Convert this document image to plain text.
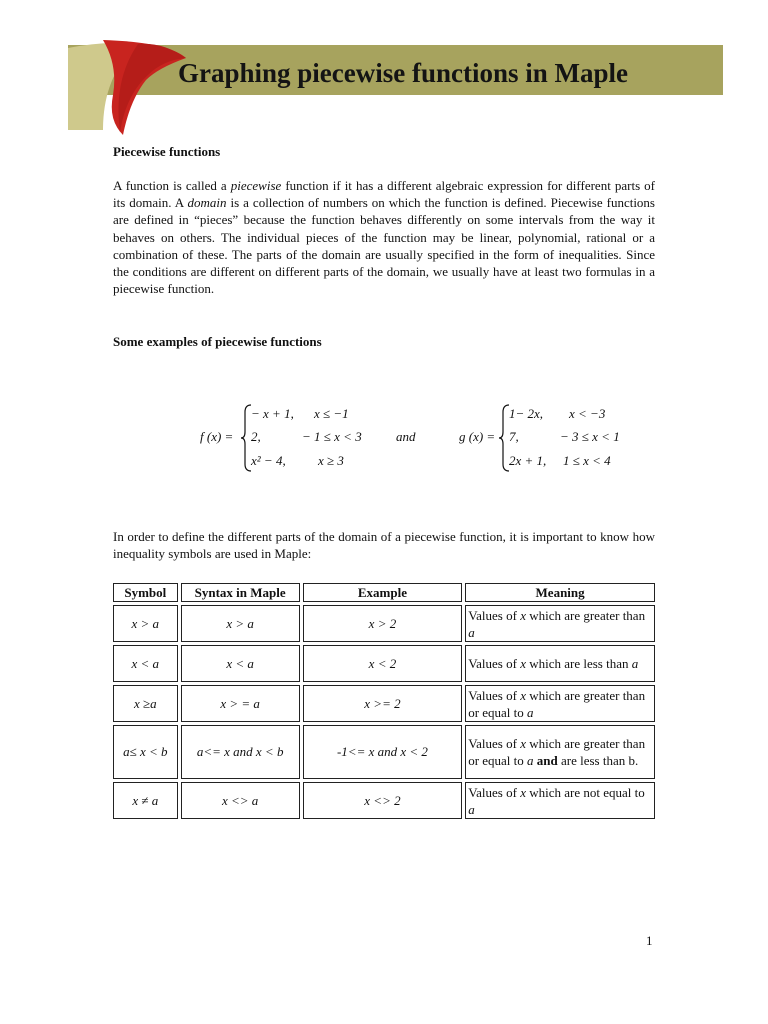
Graphing piecewise functions in Maple
Piecewise functions

A function is called a piecewise function if it has a different algebraic expression for different parts of its domain. A domain is a collection of numbers on which the function is defined. Piecewise functions are defined in “pieces” because the function behaves differently on some intervals from the way it behaves on others. The individual pieces of the function may be linear, polynomial, rational or a combination of these. The parts of the domain are usually specified in the form of inequalities. Since the conditions are different on different parts of the domain, we usually have at least two formulas in a piecewise function.

Some examples of piecewise functions
f (x) =
− x + 1, x ≤ −1
2,	− 1 ≤ x < 3
x² − 4, x ≥ 3
and	g (x) =
1− 2x, x < −3
7,	− 3 ≤ x < 1
2x + 1, 1 ≤ x < 4
In order to define the different parts of the domain of a piecewise function, it is important to know how inequality symbols are used in Maple:
Symbol	Syntax in Maple	Example	Meaning
x > a	x > a	x > 2	Values of x which are greater than a
x < a	x < a	x < 2	Values of x which are less than a
x ≥a	x > = a	x >= 2	Values of x which are greater than or equal to a
a≤ x < b	a<= x and x < b	-1<= x and x < 2	Values of x which are greater than or equal to a and are less than b.
x ≠ a	x <> a	x <> 2	Values of x which are not equal to a
1
